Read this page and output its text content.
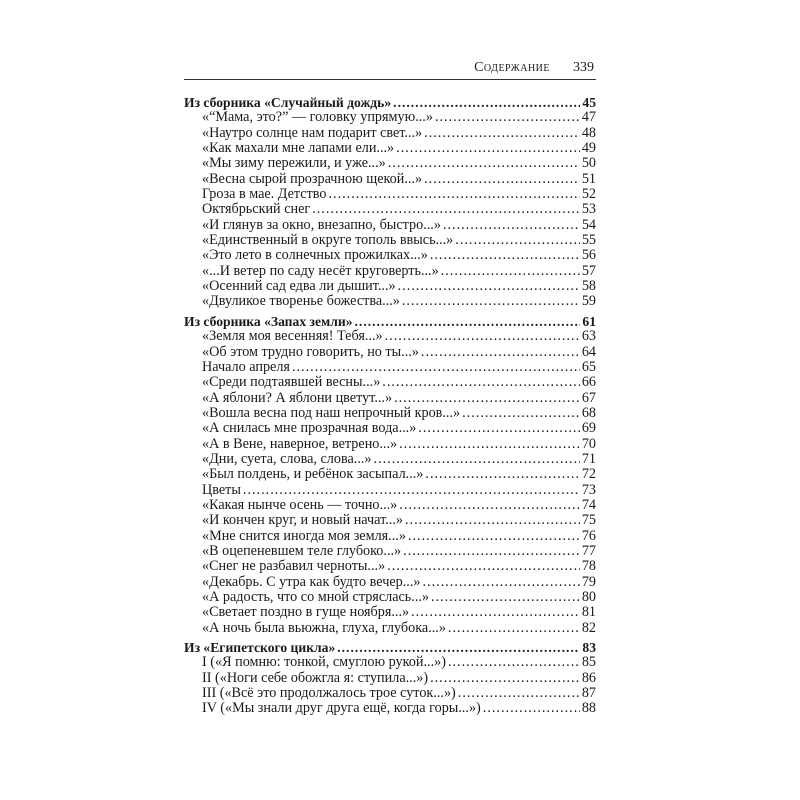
Содержание 339
Из сборника «Случайный дождь» .....	45
«“Мама, это?” — головку упрямую...» .....	47
«Наутро солнце нам подарит свет...» .....	48
«Как махали мне лапами ели...» .....	49
«Мы зиму пережили, и уже...» .....	50
«Весна сырой прозрачною щекой...» .....	51
Гроза в мае. Детство .....	52
Октябрьский снег .....	53
«И глянув за окно, внезапно, быстро...» .....	54
«Единственный в округе тополь ввысь...» .....	55
«Это лето в солнечных прожилках...» .....	56
«...И ветер по саду несёт круговерть...» .....	57
«Осенний сад едва ли дышит...» .....	58
«Двуликое творенье божества...» .....	59
Из сборника «Запах земли» .....	61
«Земля моя весенняя! Тебя...» .....	63
«Об этом трудно говорить, но ты...» .....	64
Начало апреля .....	65
«Среди подтаявшей весны...» .....	66
«А яблони? А яблони цветут...» .....	67
«Вошла весна под наш непрочный кров...» .....	68
«А снилась мне прозрачная вода...» .....	69
«А в Вене, наверное, ветрено...» .....	70
«Дни, суета, слова, слова...» .....	71
«Был полдень, и ребёнок засыпал...» .....	72
Цветы .....	73
«Какая нынче осень — точно...» .....	74
«И кончен круг, и новый начат...» .....	75
«Мне снится иногда моя земля...» .....	76
«В оцепеневшем теле глубоко...» .....	77
«Снег не разбавил черноты...» .....	78
«Декабрь. С утра как будто вечер...» .....	79
«А радость, что со мной стряслась...» .....	80
«Светает поздно в гуще ноября...» .....	81
«А ночь была вьюжна, глуха, глубока...» .....	82
Из «Египетского цикла» .....	83
I («Я помню: тонкой, смуглою рукой...») .....	85
II («Ноги себе обожгла я: ступила...») .....	86
III («Всё это продолжалось трое суток...») .....	87
IV («Мы знали друг друга ещё, когда горы...») .....	88
